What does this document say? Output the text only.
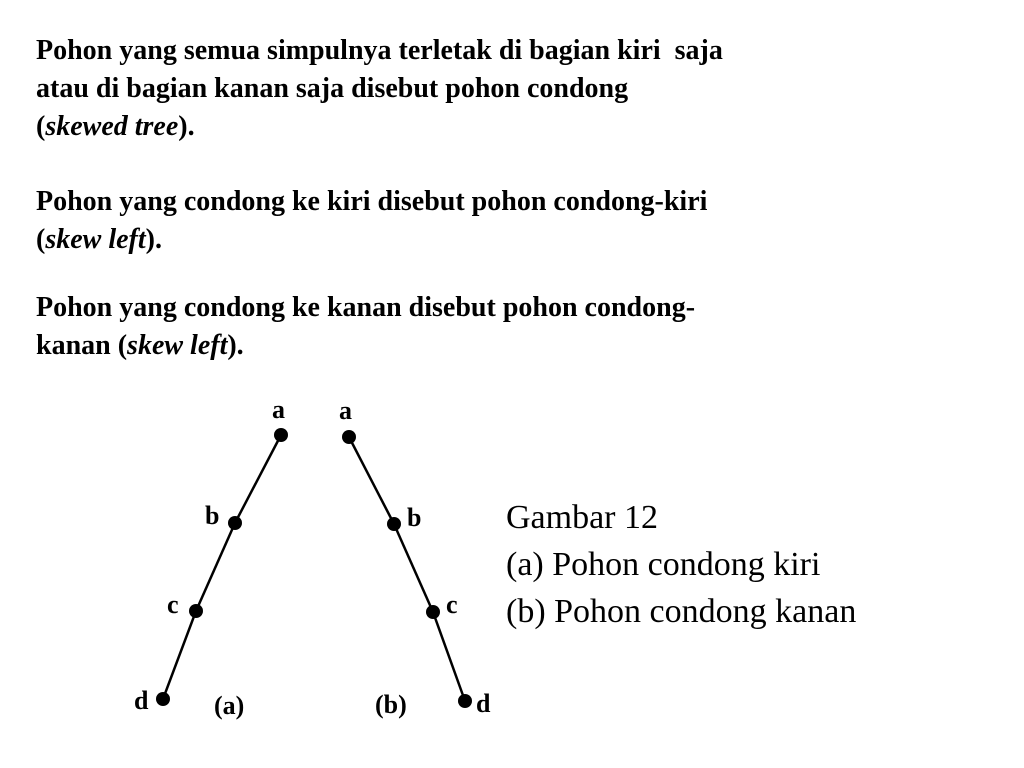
Pohon yang semua simpulnya terletak di bagian kiri  saja
atau di bagian kanan saja disebut pohon condong
(skewed tree).

Pohon yang condong ke kiri disebut pohon condong-kiri
(skew left).

Pohon yang condong ke kanan disebut pohon condong-
kanan (skew left).

a
b
c
d	(a)
a
b
c
d
(b)
Gambar 12
(a) Pohon condong kiri
(b) Pohon condong kanan
